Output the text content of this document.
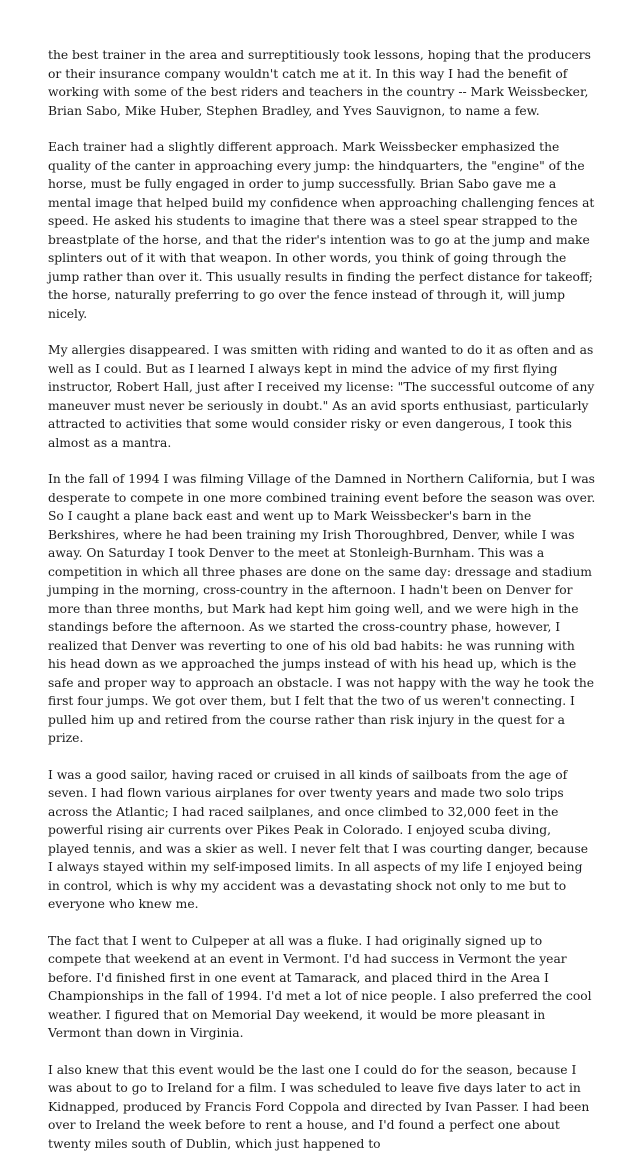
the best trainer in the area and surreptitiously took lessons, hoping that the producers or their insurance company wouldn't catch me at it. In this way I had the benefit of working with some of the best riders and teachers in the country -- Mark Weissbecker, Brian Sabo, Mike Huber, Stephen Bradley, and Yves Sauvignon, to name a few.

Each trainer had a slightly different approach. Mark Weissbecker emphasized the quality of the canter in approaching every jump: the hindquarters, the "engine" of the horse, must be fully engaged in order to jump successfully. Brian Sabo gave me a mental image that helped build my confidence when approaching challenging fences at speed. He asked his students to imagine that there was a steel spear strapped to the breastplate of the horse, and that the rider's intention was to go at the jump and make splinters out of it with that weapon. In other words, you think of going through the jump rather than over it. This usually results in finding the perfect distance for takeoff; the horse, naturally preferring to go over the fence instead of through it, will jump nicely.

My allergies disappeared. I was smitten with riding and wanted to do it as often and as well as I could. But as I learned I always kept in mind the advice of my first flying instructor, Robert Hall, just after I received my license: "The successful outcome of any maneuver must never be seriously in doubt." As an avid sports enthusiast, particularly attracted to activities that some would consider risky or even dangerous, I took this almost as a mantra.

In the fall of 1994 I was filming Village of the Damned in Northern California, but I was desperate to compete in one more combined training event before the season was over. So I caught a plane back east and went up to Mark Weissbecker's barn in the Berkshires, where he had been training my Irish Thoroughbred, Denver, while I was away. On Saturday I took Denver to the meet at Stonleigh-Burnham. This was a competition in which all three phases are done on the same day: dressage and stadium jumping in the morning, cross-country in the afternoon. I hadn't been on Denver for more than three months, but Mark had kept him going well, and we were high in the standings before the afternoon. As we started the cross-country phase, however, I realized that Denver was reverting to one of his old bad habits: he was running with his head down as we approached the jumps instead of with his head up, which is the safe and proper way to approach an obstacle. I was not happy with the way he took the first four jumps. We got over them, but I felt that the two of us weren't connecting. I pulled him up and retired from the course rather than risk injury in the quest for a prize.

I was a good sailor, having raced or cruised in all kinds of sailboats from the age of seven. I had flown various airplanes for over twenty years and made two solo trips across the Atlantic; I had raced sailplanes, and once climbed to 32,000 feet in the powerful rising air currents over Pikes Peak in Colorado. I enjoyed scuba diving, played tennis, and was a skier as well. I never felt that I was courting danger, because I always stayed within my self-imposed limits. In all aspects of my life I enjoyed being in control, which is why my accident was a devastating shock not only to me but to everyone who knew me.

The fact that I went to Culpeper at all was a fluke. I had originally signed up to compete that weekend at an event in Vermont. I'd had success in Vermont the year before. I'd finished first in one event at Tamarack, and placed third in the Area I Championships in the fall of 1994. I'd met a lot of nice people. I also preferred the cool weather. I figured that on Memorial Day weekend, it would be more pleasant in Vermont than down in Virginia.

I also knew that this event would be the last one I could do for the season, because I was about to go to Ireland for a film. I was scheduled to leave five days later to act in Kidnapped, produced by Francis Ford Coppola and directed by Ivan Passer. I had been over to Ireland the week before to rent a house, and I'd found a perfect one about twenty miles south of Dublin, which just happened to
